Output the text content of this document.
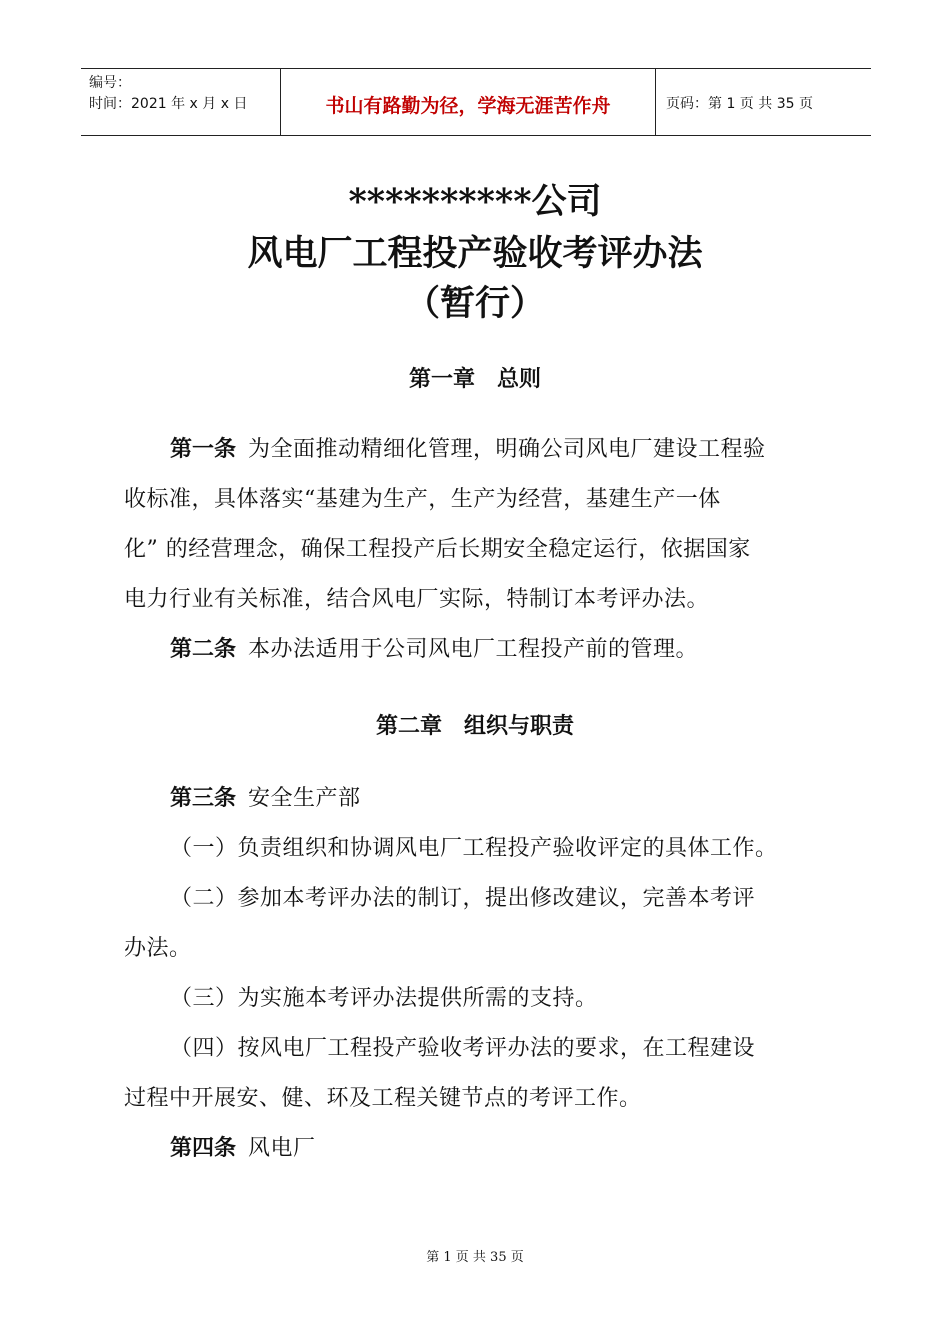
编号：
时间：2021 年 x 月 x 日	书山有路勤为径，学海无涯苦作舟	页码：第 1 页 共 35 页
**********公司
风电厂工程投产验收考评办法
（暂行）
第一章　总则
第一条 为全面推动精细化管理，明确公司风电厂建设工程验
收标准，具体落实“基建为生产，生产为经营，基建生产一体
化” 的经营理念，确保工程投产后长期安全稳定运行，依据国家
电力行业有关标准，结合风电厂实际，特制订本考评办法。
第二条 本办法适用于公司风电厂工程投产前的管理。
第二章　组织与职责
第三条 安全生产部
（一）负责组织和协调风电厂工程投产验收评定的具体工作。
（二）参加本考评办法的制订，提出修改建议，完善本考评
办法。
（三）为实施本考评办法提供所需的支持。
（四）按风电厂工程投产验收考评办法的要求，在工程建设
过程中开展安、健、环及工程关键节点的考评工作。
第四条 风电厂
第 1 页 共 35 页
